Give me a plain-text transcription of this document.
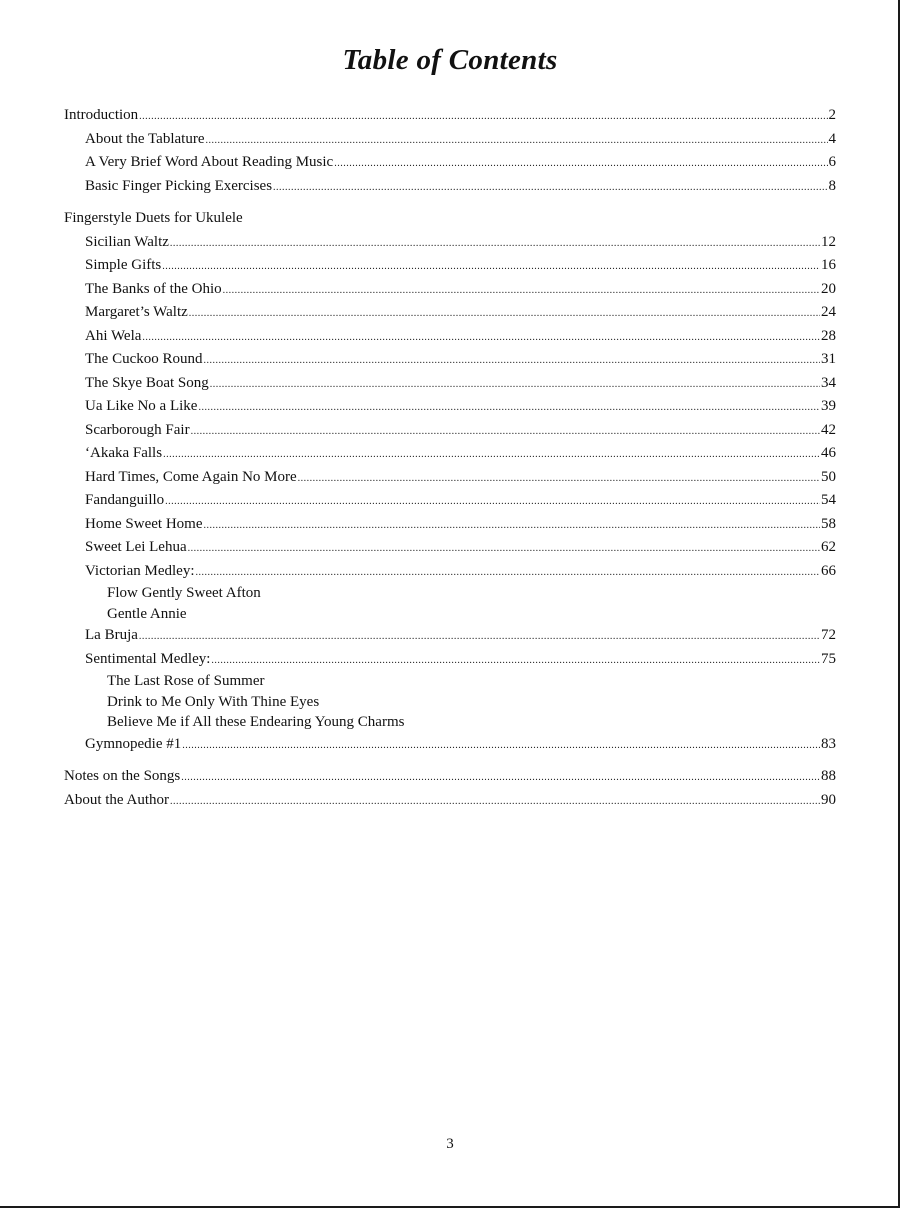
Table of Contents
Introduction .....	2
About the Tablature .....	4
A Very Brief Word About Reading Music .....	6
Basic Finger Picking Exercises .....	8
Fingerstyle Duets for Ukulele
Sicilian Waltz .....	12
Simple Gifts .....	16
The Banks of the Ohio .....	20
Margaret’s Waltz .....	24
Ahi Wela .....	28
The Cuckoo Round .....	31
The Skye Boat Song .....	34
Ua Like No a Like .....	39
Scarborough Fair .....	42
‘Akaka Falls .....	46
Hard Times, Come Again No More .....	50
Fandanguillo .....	54
Home Sweet Home .....	58
Sweet Lei Lehua .....	62
Victorian Medley: .....	66
Flow Gently Sweet Afton
Gentle Annie
La Bruja .....	72
Sentimental Medley: .....	75
The Last Rose of Summer
Drink to Me Only With Thine Eyes
Believe Me if All these Endearing Young Charms
Gymnopedie #1 .....	83
Notes on the Songs .....	88
About the Author .....	90
3
